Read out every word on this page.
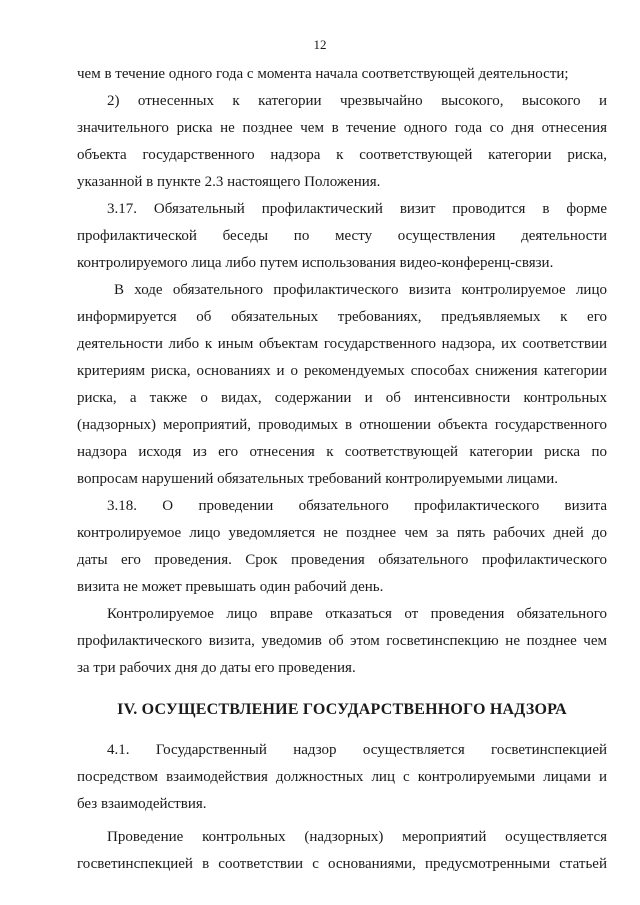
12
чем в течение одного года с момента начала соответствующей деятельности;
2) отнесенных к категории чрезвычайно высокого, высокого и
значительного риска не позднее чем в течение одного года со дня отнесения
объекта государственного надзора к соответствующей категории риска,
указанной в пункте 2.3 настоящего Положения.
3.17. Обязательный профилактический визит проводится в форме
профилактической беседы по месту осуществления деятельности
контролируемого лица либо путем использования видео-конференц-связи.
В ходе обязательного профилактического визита контролируемое лицо
информируется об обязательных требованиях, предъявляемых к его
деятельности либо к иным объектам государственного надзора, их соответствии
критериям риска, основаниях и о рекомендуемых способах снижения категории
риска, а также о видах, содержании и об интенсивности контрольных
(надзорных) мероприятий, проводимых в отношении объекта государственного
надзора исходя из его отнесения к соответствующей категории риска по
вопросам нарушений обязательных требований контролируемыми лицами.
3.18. О проведении обязательного профилактического визита
контролируемое лицо уведомляется не позднее чем за пять рабочих дней до
даты его проведения. Срок проведения обязательного профилактического
визита не может превышать один рабочий день.
Контролируемое лицо вправе отказаться от проведения обязательного
профилактического визита, уведомив об этом госветинспекцию не позднее чем
за три рабочих дня до даты его проведения.
IV. ОСУЩЕСТВЛЕНИЕ ГОСУДАРСТВЕННОГО НАДЗОРА
4.1. Государственный надзор осуществляется госветинспекцией
посредством взаимодействия должностных лиц с контролируемыми лицами и
без взаимодействия.
Проведение контрольных (надзорных) мероприятий осуществляется
госветинспекцией в соответствии с основаниями, предусмотренными статьей
